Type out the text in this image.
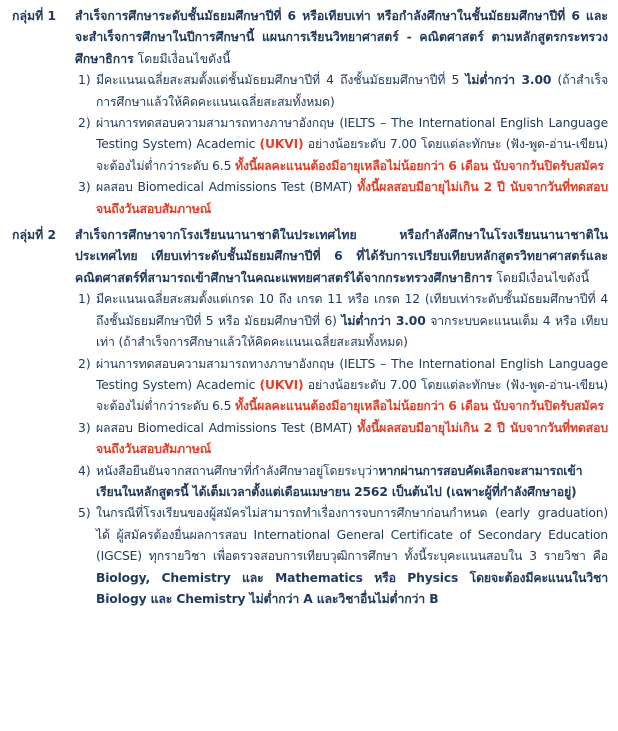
กลุ่มที่ 1	สำเร็จการศึกษาระดับชั้นมัธยมศึกษาปีที่ 6 หรือเทียบเท่า หรือกำลังศึกษาในชั้นมัธยมศึกษาปีที่ 6 และจะสำเร็จการศึกษาในปีการศึกษานี้ แผนการเรียนวิทยาศาสตร์ - คณิตศาสตร์ ตามหลักสูตรกระทรวงศึกษาธิการ โดยมีเงื่อนไขดังนี้
1) มีคะแนนเฉลี่ยสะสมตั้งแต่ชั้นมัธยมศึกษาปีที่ 4 ถึงชั้นมัธยมศึกษาปีที่ 5 ไม่ต่ำกว่า 3.00 (ถ้าสำเร็จการศึกษาแล้วให้คิดคะแนนเฉลี่ยสะสมทั้งหมด)
2) ผ่านการทดสอบความสามารถทางภาษาอังกฤษ (IELTS – The International English Language Testing System) Academic (UKVI) อย่างน้อยระดับ 7.00 โดยแต่ละทักษะ (ฟัง-พูด-อ่าน-เขียน) จะต้องไม่ต่ำกว่าระดับ 6.5 ทั้งนี้ผลคะแนนต้องมีอายุเหลือไม่น้อยกว่า 6 เดือน นับจากวันปิดรับสมัคร
3) ผลสอบ Biomedical Admissions Test (BMAT) ทั้งนี้ผลสอบมีอายุไม่เกิน 2 ปี นับจากวันที่ทดสอบจนถึงวันสอบสัมภาษณ์
กลุ่มที่ 2	สำเร็จการศึกษาจากโรงเรียนนานาชาติในประเทศไทย หรือกำลังศึกษาในโรงเรียนนานาชาติในประเทศไทย เทียบเท่าระดับชั้นมัธยมศึกษาปีที่ 6 ที่ได้รับการเปรียบเทียบหลักสูตรวิทยาศาสตร์และคณิตศาสตร์ที่สามารถเข้าศึกษาในคณะแพทยศาสตร์ได้จากกระทรวงศึกษาธิการ โดยมีเงื่อนไขดังนี้
1) มีคะแนนเฉลี่ยสะสมตั้งแต่เกรด 10 ถึง เกรด 11 หรือ เกรด 12 (เทียบเท่าระดับชั้นมัธยมศึกษาปีที่ 4 ถึงชั้นมัธยมศึกษาปีที่ 5 หรือ มัธยมศึกษาปีที่ 6) ไม่ต่ำกว่า 3.00 จากระบบคะแนนเต็ม 4 หรือ เทียบเท่า (ถ้าสำเร็จการศึกษาแล้วให้คิดคะแนนเฉลี่ยสะสมทั้งหมด)
2) ผ่านการทดสอบความสามารถทางภาษาอังกฤษ (IELTS – The International English Language Testing System) Academic (UKVI) อย่างน้อยระดับ 7.00 โดยแต่ละทักษะ (ฟัง-พูด-อ่าน-เขียน) จะต้องไม่ต่ำกว่าระดับ 6.5 ทั้งนี้ผลคะแนนต้องมีอายุเหลือไม่น้อยกว่า 6 เดือน นับจากวันปิดรับสมัคร
3) ผลสอบ Biomedical Admissions Test (BMAT) ทั้งนี้ผลสอบมีอายุไม่เกิน 2 ปี นับจากวันที่ทดสอบจนถึงวันสอบสัมภาษณ์
4) หนังสือยืนยันจากสถานศึกษาที่กำลังศึกษาอยู่โดยระบุว่าหากผ่านการสอบคัดเลือกจะสามารถเข้าเรียนในหลักสูตรนี้ ได้เต็มเวลาตั้งแต่เดือนเมษายน 2562 เป็นต้นไป (เฉพาะผู้ที่กำลังศึกษาอยู่)
5) ในกรณีที่โรงเรียนของผู้สมัครไม่สามารถทำเรื่องการจบการศึกษาก่อนกำหนด (early graduation) ได้ ผู้สมัครต้องยื่นผลการสอบ International General Certificate of Secondary Education (IGCSE) ทุกรายวิชา เพื่อตรวจสอบการเทียบวุฒิการศึกษา ทั้งนี้ระบุคะแนนสอบใน 3 รายวิชา คือ Biology, Chemistry และ Mathematics หรือ Physics โดยจะต้องมีคะแนนในวิชา Biology และ Chemistry ไม่ต่ำกว่า A และวิชาอื่นไม่ต่ำกว่า B
